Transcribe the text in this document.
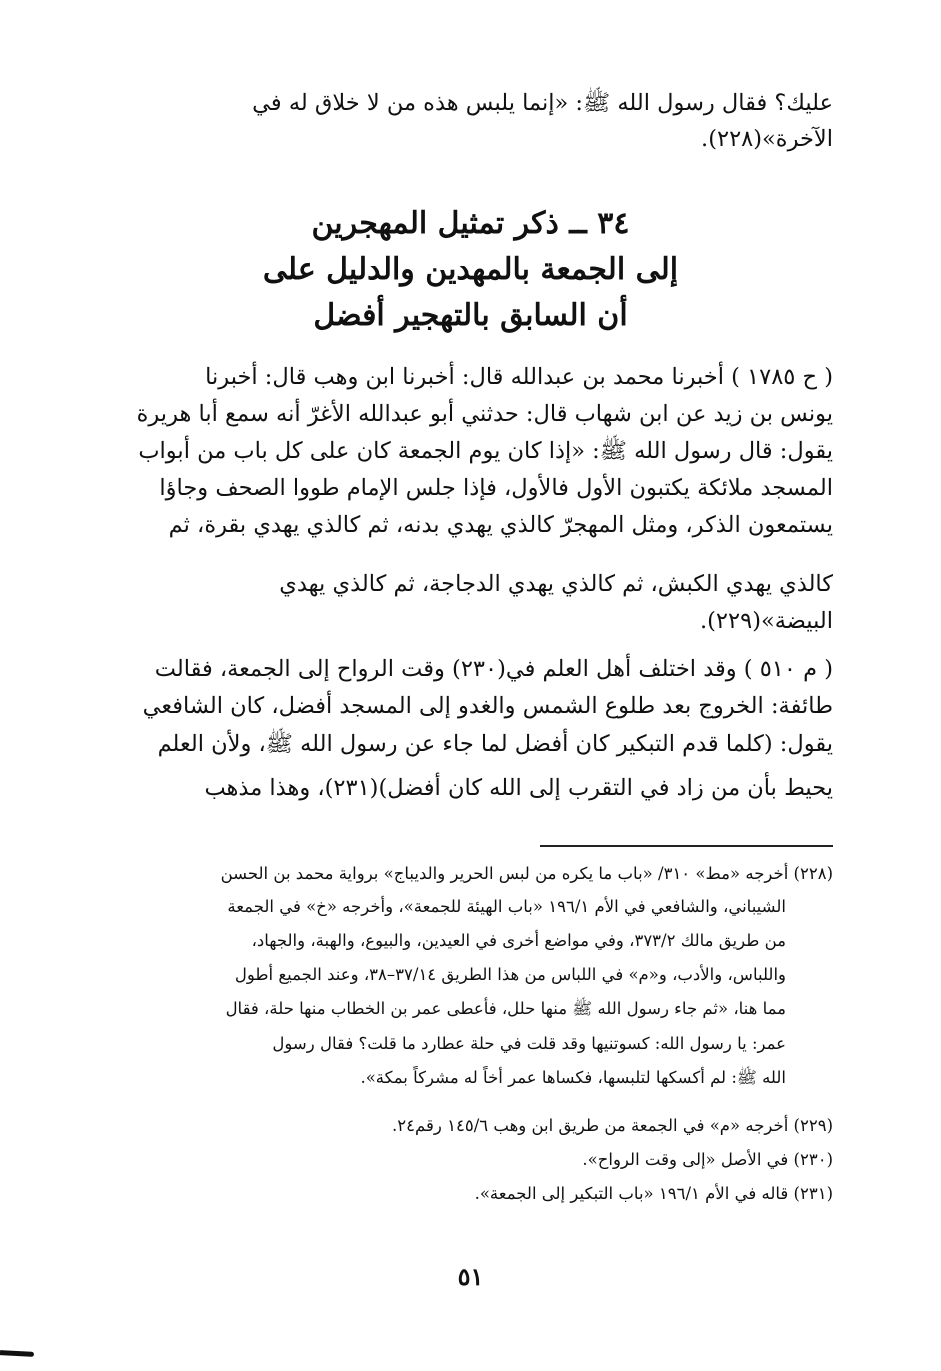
عليك؟ فقال رسول الله ﷺ: «إنما يلبس هذه من لا خلاق له في
الآخرة»(٢٢٨).
٣٤ ــ ذكر تمثيل المهجرين
إلى الجمعة بالمهدين والدليل على
أن السابق بالتهجير أفضل
( ح ١٧٨٥ ) أخبرنا محمد بن عبدالله قال: أخبرنا ابن وهب قال: أخبرنا
يونس بن زيد عن ابن شهاب قال: حدثني أبو عبدالله الأغرّ أنه سمع أبا هريرة
يقول: قال رسول الله ﷺ: «إذا كان يوم الجمعة كان على كل باب من أبواب
المسجد ملائكة يكتبون الأول فالأول، فإذا جلس الإمام طووا الصحف وجاؤا
يستمعون الذكر، ومثل المهجرّ كالذي يهدي بدنه، ثم كالذي يهدي بقرة، ثم
كالذي يهدي الكبش، ثم كالذي يهدي الدجاجة، ثم كالذي يهدي
البيضة»(٢٢٩).
( م ٥١٠ ) وقد اختلف أهل العلم في(٢٣٠) وقت الرواح إلى الجمعة، فقالت
طائفة: الخروج بعد طلوع الشمس والغدو إلى المسجد أفضل، كان الشافعي
يقول: (كلما قدم التبكير كان أفضل لما جاء عن رسول الله ﷺ، ولأن العلم
يحيط بأن من زاد في التقرب إلى الله كان أفضل)(٢٣١)، وهذا مذهب
(٢٢٨) أخرجه «مط» ٣١٠/ «باب ما يكره من لبس الحرير والديباج» برواية محمد بن الحسن
الشيباني، والشافعي في الأم ١٩٦/١ «باب الهيئة للجمعة»، وأخرجه «خ» في الجمعة
من طريق مالك ٣٧٣/٢، وفي مواضع أخرى في العيدين، والبيوع، والهبة، والجهاد،
واللباس، والأدب، و«م» في اللباس من هذا الطريق ٣٧/١٤–٣٨، وعند الجميع أطول
مما هنا، «ثم جاء رسول الله ﷺ منها حلل، فأعطى عمر بن الخطاب منها حلة، فقال
عمر: يا رسول الله: كسوتنيها وقد قلت في حلة عطارد ما قلت؟ فقال رسول
الله ﷺ: لم أكسكها لتلبسها، فكساها عمر أخاً له مشركاً بمكة».
(٢٢٩) أخرجه «م» في الجمعة من طريق ابن وهب ١٤٥/٦ رقم٢٤.
(٢٣٠) في الأصل «إلى وقت الرواح».
(٢٣١) قاله في الأم ١٩٦/١ «باب التبكير إلى الجمعة».
٥١
